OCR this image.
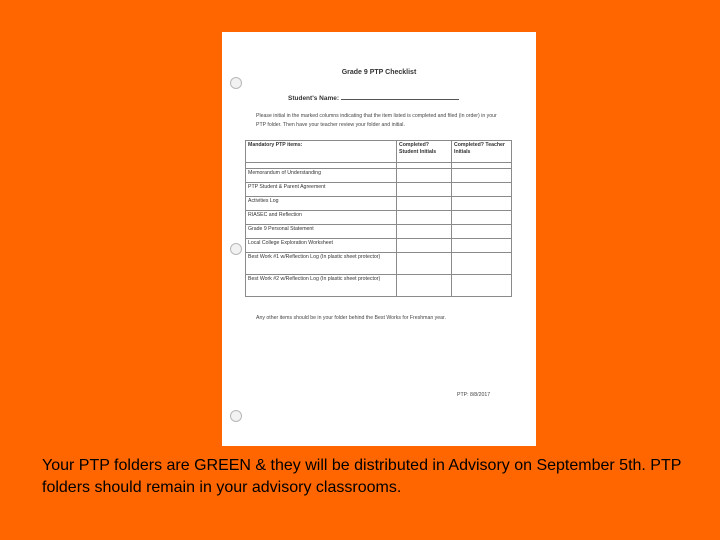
Grade 9 PTP Checklist
Student's Name:
Please initial in the marked columns indicating that the item listed is completed and filed (in order) in your PTP folder. Then have your teacher review your folder and initial.
Mandatory PTP items:	Completed? Student Initials	Completed? Teacher Initials

Memorandum of Understanding		
PTP Student & Parent Agreement		
Activities Log		
RIASEC and Reflection		
Grade 9 Personal Statement		
Local College Exploration Worksheet		
Best Work #1 w/Reflection Log (In plastic sheet protector)		
Best Work #2 w/Reflection Log (In plastic sheet protector)		
Any other items should be in your folder behind the Best Works for Freshman year.
PTP: 8/8/2017

Your PTP folders are GREEN & they will be distributed in Advisory on September 5th. PTP folders should remain in your advisory classrooms.
